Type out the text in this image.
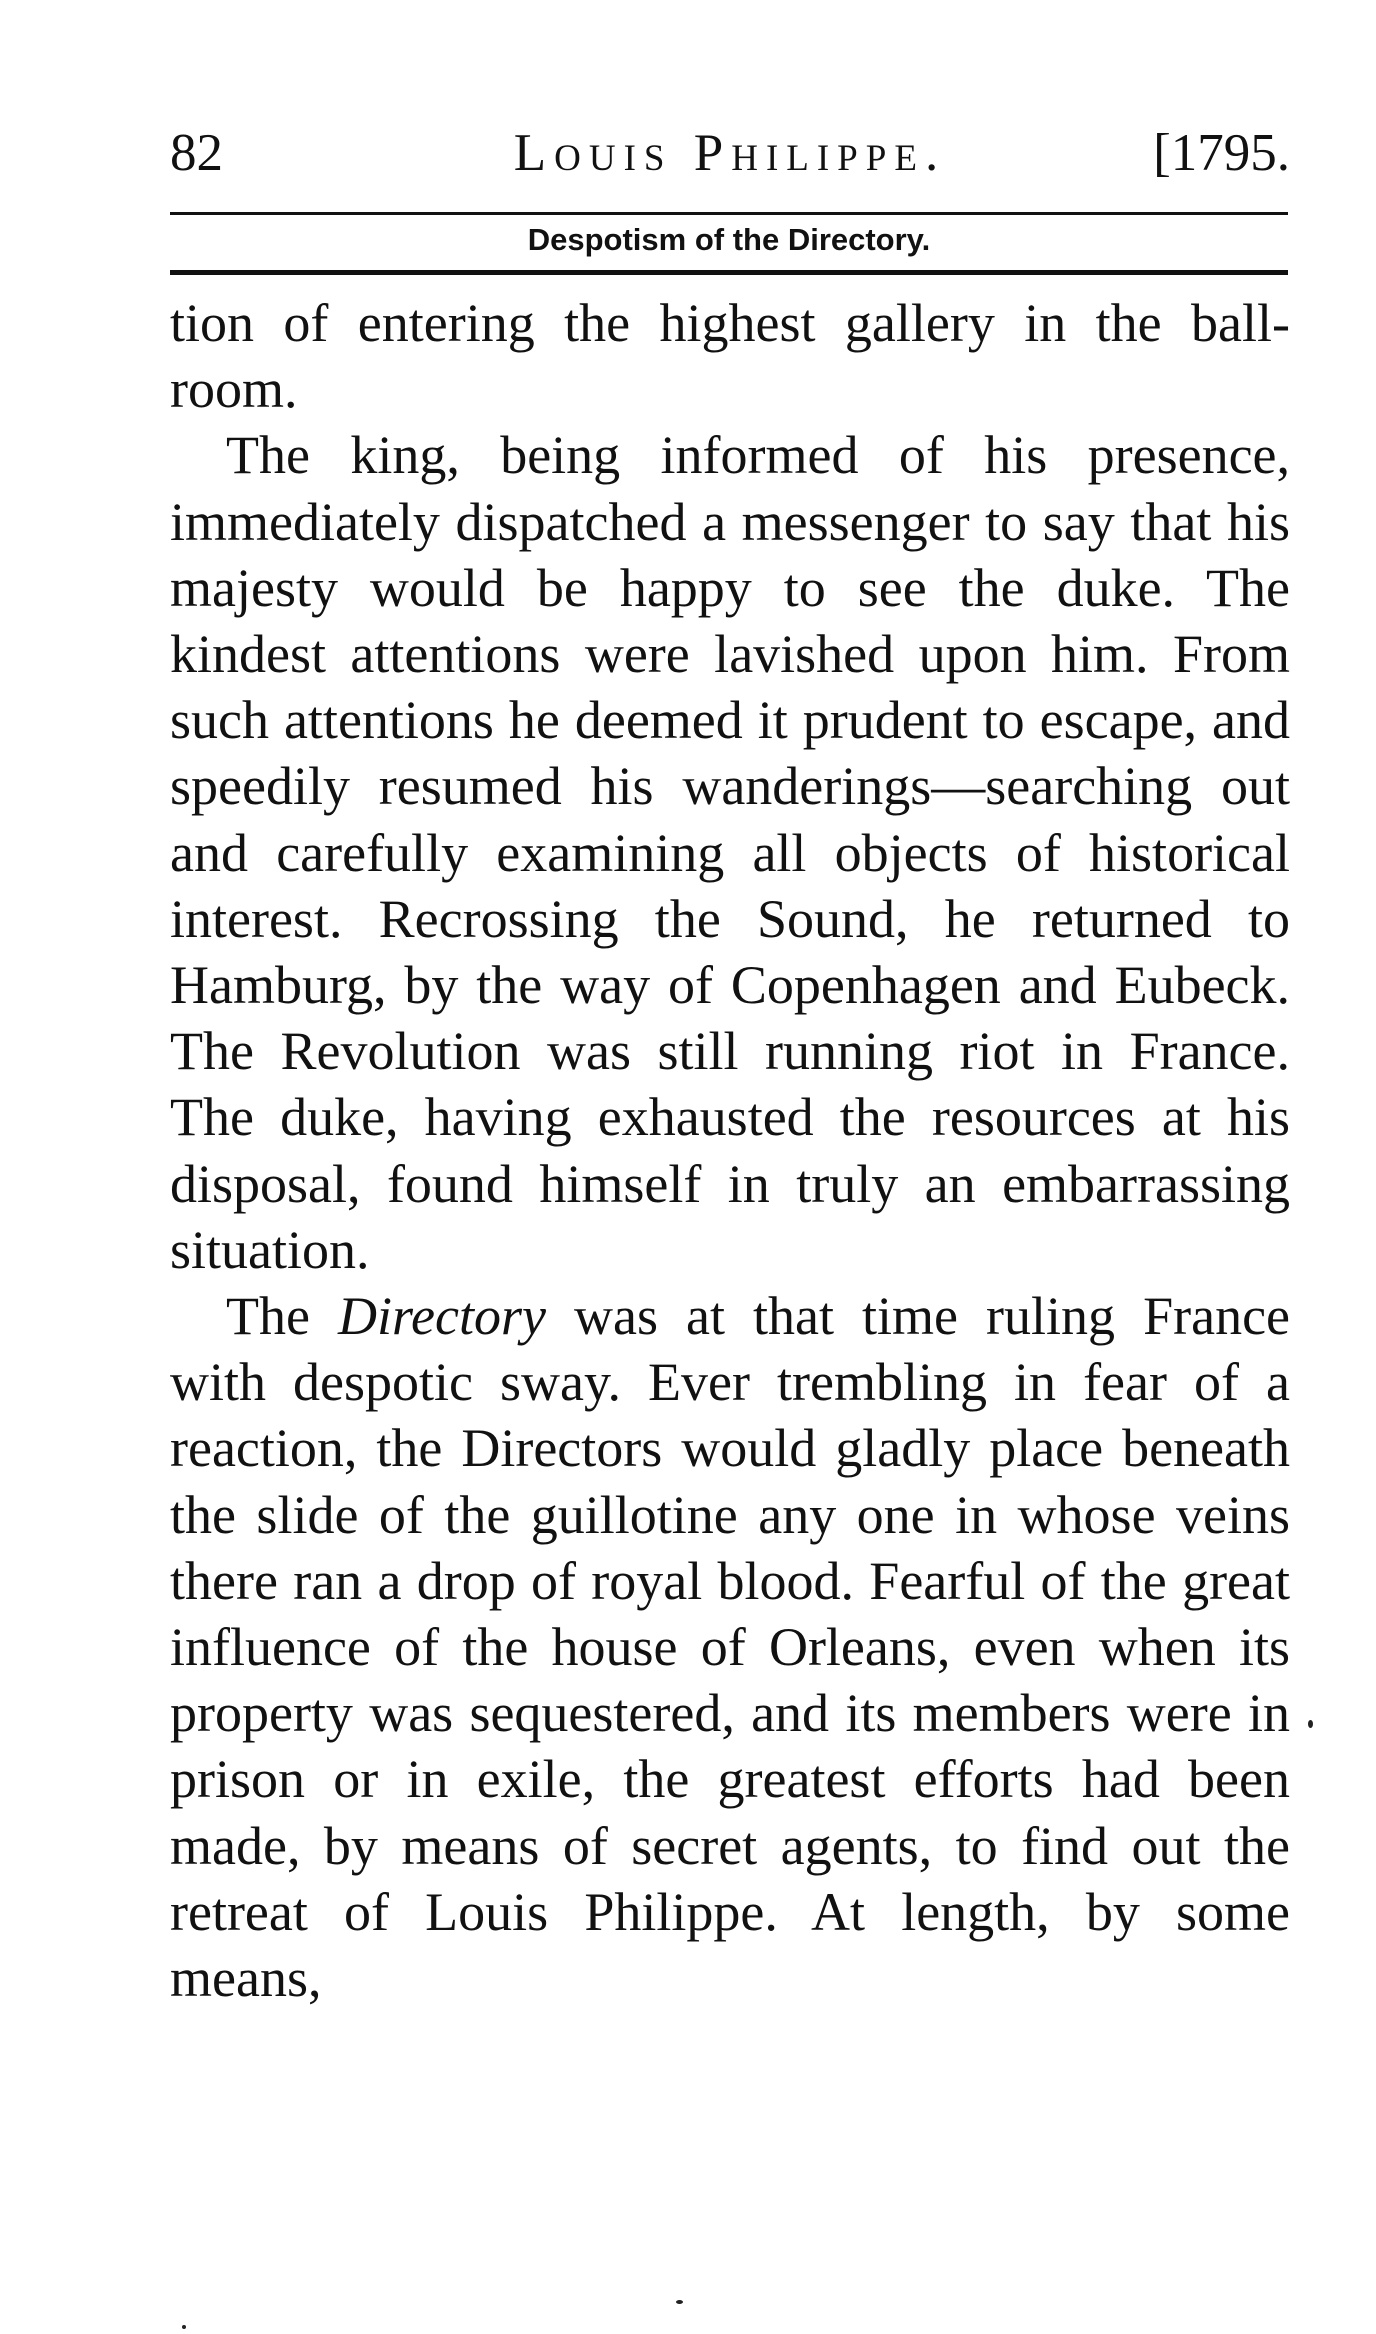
82	Louis Philippe.	[1795.
Despotism of the Directory.

tion of entering the highest gallery in the ball-room.

The king, being informed of his presence, immediately dispatched a messenger to say that his majesty would be happy to see the duke. The kindest attentions were lavished upon him. From such attentions he deemed it prudent to escape, and speedily resumed his wanderings—searching out and carefully examining all objects of historical interest. Recrossing the Sound, he returned to Hamburg, by the way of Copenhagen and Eubeck. The Revolution was still running riot in France. The duke, having exhausted the resources at his disposal, found himself in truly an embarrassing situation.

The Directory was at that time ruling France with despotic sway. Ever trembling in fear of a reaction, the Directors would gladly place beneath the slide of the guillotine any one in whose veins there ran a drop of royal blood. Fearful of the great influence of the house of Orleans, even when its property was sequestered, and its members were in prison or in exile, the greatest efforts had been made, by means of secret agents, to find out the retreat of Louis Philippe. At length, by some means,
